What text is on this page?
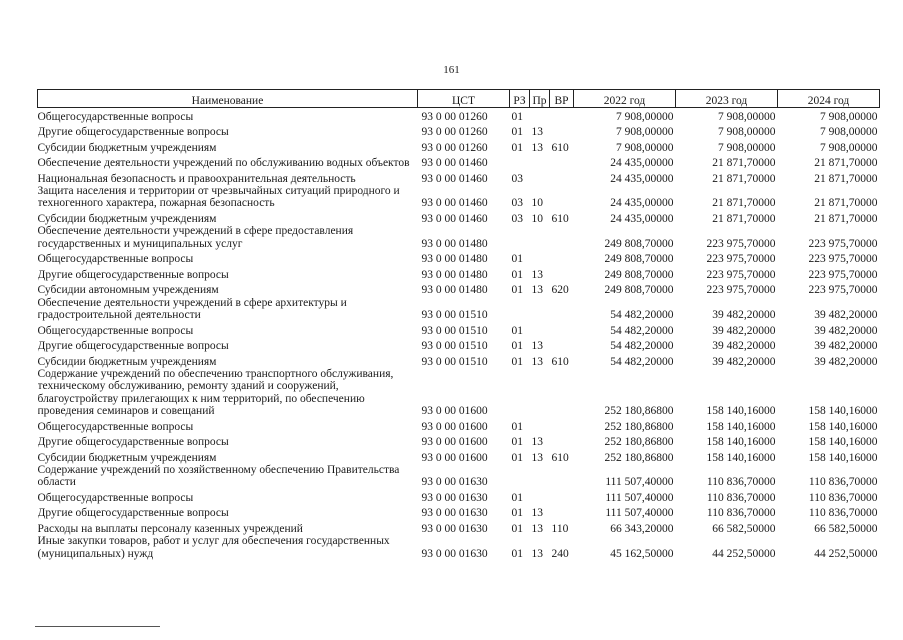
161
Наименование	ЦСТ	РЗ	Пр	ВР	2022 год	2023 год	2024 год
Общегосударственные вопросы	93 0 00 01260	01			7 908,00000	7 908,00000	7 908,00000
Другие общегосударственные вопросы	93 0 00 01260	01	13		7 908,00000	7 908,00000	7 908,00000
Субсидии бюджетным учреждениям	93 0 00 01260	01	13	610	7 908,00000	7 908,00000	7 908,00000
Обеспечение деятельности учреждений по обслуживанию водных объектов	93 0 00 01460				24 435,00000	21 871,70000	21 871,70000
Национальная безопасность и правоохранительная деятельность	93 0 00 01460	03			24 435,00000	21 871,70000	21 871,70000
Защита населения и территории от чрезвычайных ситуаций природного и техногенного характера, пожарная безопасность	93 0 00 01460	03	10		24 435,00000	21 871,70000	21 871,70000
Субсидии бюджетным учреждениям	93 0 00 01460	03	10	610	24 435,00000	21 871,70000	21 871,70000
Обеспечение деятельности учреждений в сфере предоставления государственных и муниципальных услуг	93 0 00 01480				249 808,70000	223 975,70000	223 975,70000
Общегосударственные вопросы	93 0 00 01480	01			249 808,70000	223 975,70000	223 975,70000
Другие общегосударственные вопросы	93 0 00 01480	01	13		249 808,70000	223 975,70000	223 975,70000
Субсидии автономным учреждениям	93 0 00 01480	01	13	620	249 808,70000	223 975,70000	223 975,70000
Обеспечение деятельности учреждений в сфере архитектуры и градостроительной деятельности	93 0 00 01510				54 482,20000	39 482,20000	39 482,20000
Общегосударственные вопросы	93 0 00 01510	01			54 482,20000	39 482,20000	39 482,20000
Другие общегосударственные вопросы	93 0 00 01510	01	13		54 482,20000	39 482,20000	39 482,20000
Субсидии бюджетным учреждениям	93 0 00 01510	01	13	610	54 482,20000	39 482,20000	39 482,20000
Содержание учреждений по обеспечению транспортного обслуживания, техническому обслуживанию, ремонту зданий и сооружений, благоустройству прилегающих к ним территорий, по обеспечению проведения семинаров и совещаний	93 0 00 01600				252 180,86800	158 140,16000	158 140,16000
Общегосударственные вопросы	93 0 00 01600	01			252 180,86800	158 140,16000	158 140,16000
Другие общегосударственные вопросы	93 0 00 01600	01	13		252 180,86800	158 140,16000	158 140,16000
Субсидии бюджетным учреждениям	93 0 00 01600	01	13	610	252 180,86800	158 140,16000	158 140,16000
Содержание учреждений по хозяйственному обеспечению Правительства области	93 0 00 01630				111 507,40000	110 836,70000	110 836,70000
Общегосударственные вопросы	93 0 00 01630	01			111 507,40000	110 836,70000	110 836,70000
Другие общегосударственные вопросы	93 0 00 01630	01	13		111 507,40000	110 836,70000	110 836,70000
Расходы на выплаты персоналу казенных учреждений	93 0 00 01630	01	13	110	66 343,20000	66 582,50000	66 582,50000
Иные закупки товаров, работ и услуг для обеспечения государственных (муниципальных) нужд	93 0 00 01630	01	13	240	45 162,50000	44 252,50000	44 252,50000
